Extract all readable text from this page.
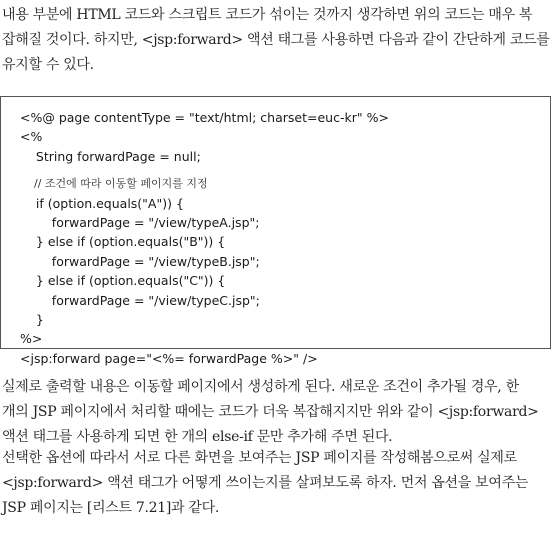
내용 부분에 HTML 코드와 스크립트 코드가 섞이는 것까지 생각하면 위의 코드는 매우 복
잡해질 것이다. 하지만, <jsp:forward> 액션 태그를 사용하면 다음과 같이 간단하게 코드를
유지할 수 있다.
<%@ page contentType = "text/html; charset=euc-kr" %>
<%
String forwardPage = null;
// 조건에 따라 이동할 페이지를 지정
if (option.equals("A")) {
forwardPage = "/view/typeA.jsp";
} else if (option.equals("B")) {
forwardPage = "/view/typeB.jsp";
} else if (option.equals("C")) {
forwardPage = "/view/typeC.jsp";
}
%>
<jsp:forward page="<%= forwardPage %>" />
실제로 출력할 내용은 이동할 페이지에서 생성하게 된다. 새로운 조건이 추가될 경우, 한
개의 JSP 페이지에서 처리할 때에는 코드가 더욱 복잡해지지만 위와 같이 <jsp:forward>
액션 태그를 사용하게 되면 한 개의 else-if 문만 추가해 주면 된다.
선택한 옵션에 따라서 서로 다른 화면을 보여주는 JSP 페이지를 작성해봄으로써 실제로
<jsp:forward> 액션 태그가 어떻게 쓰이는지를 살펴보도록 하자. 먼저 옵션을 보여주는
JSP 페이지는 [리스트 7.21]과 같다.
